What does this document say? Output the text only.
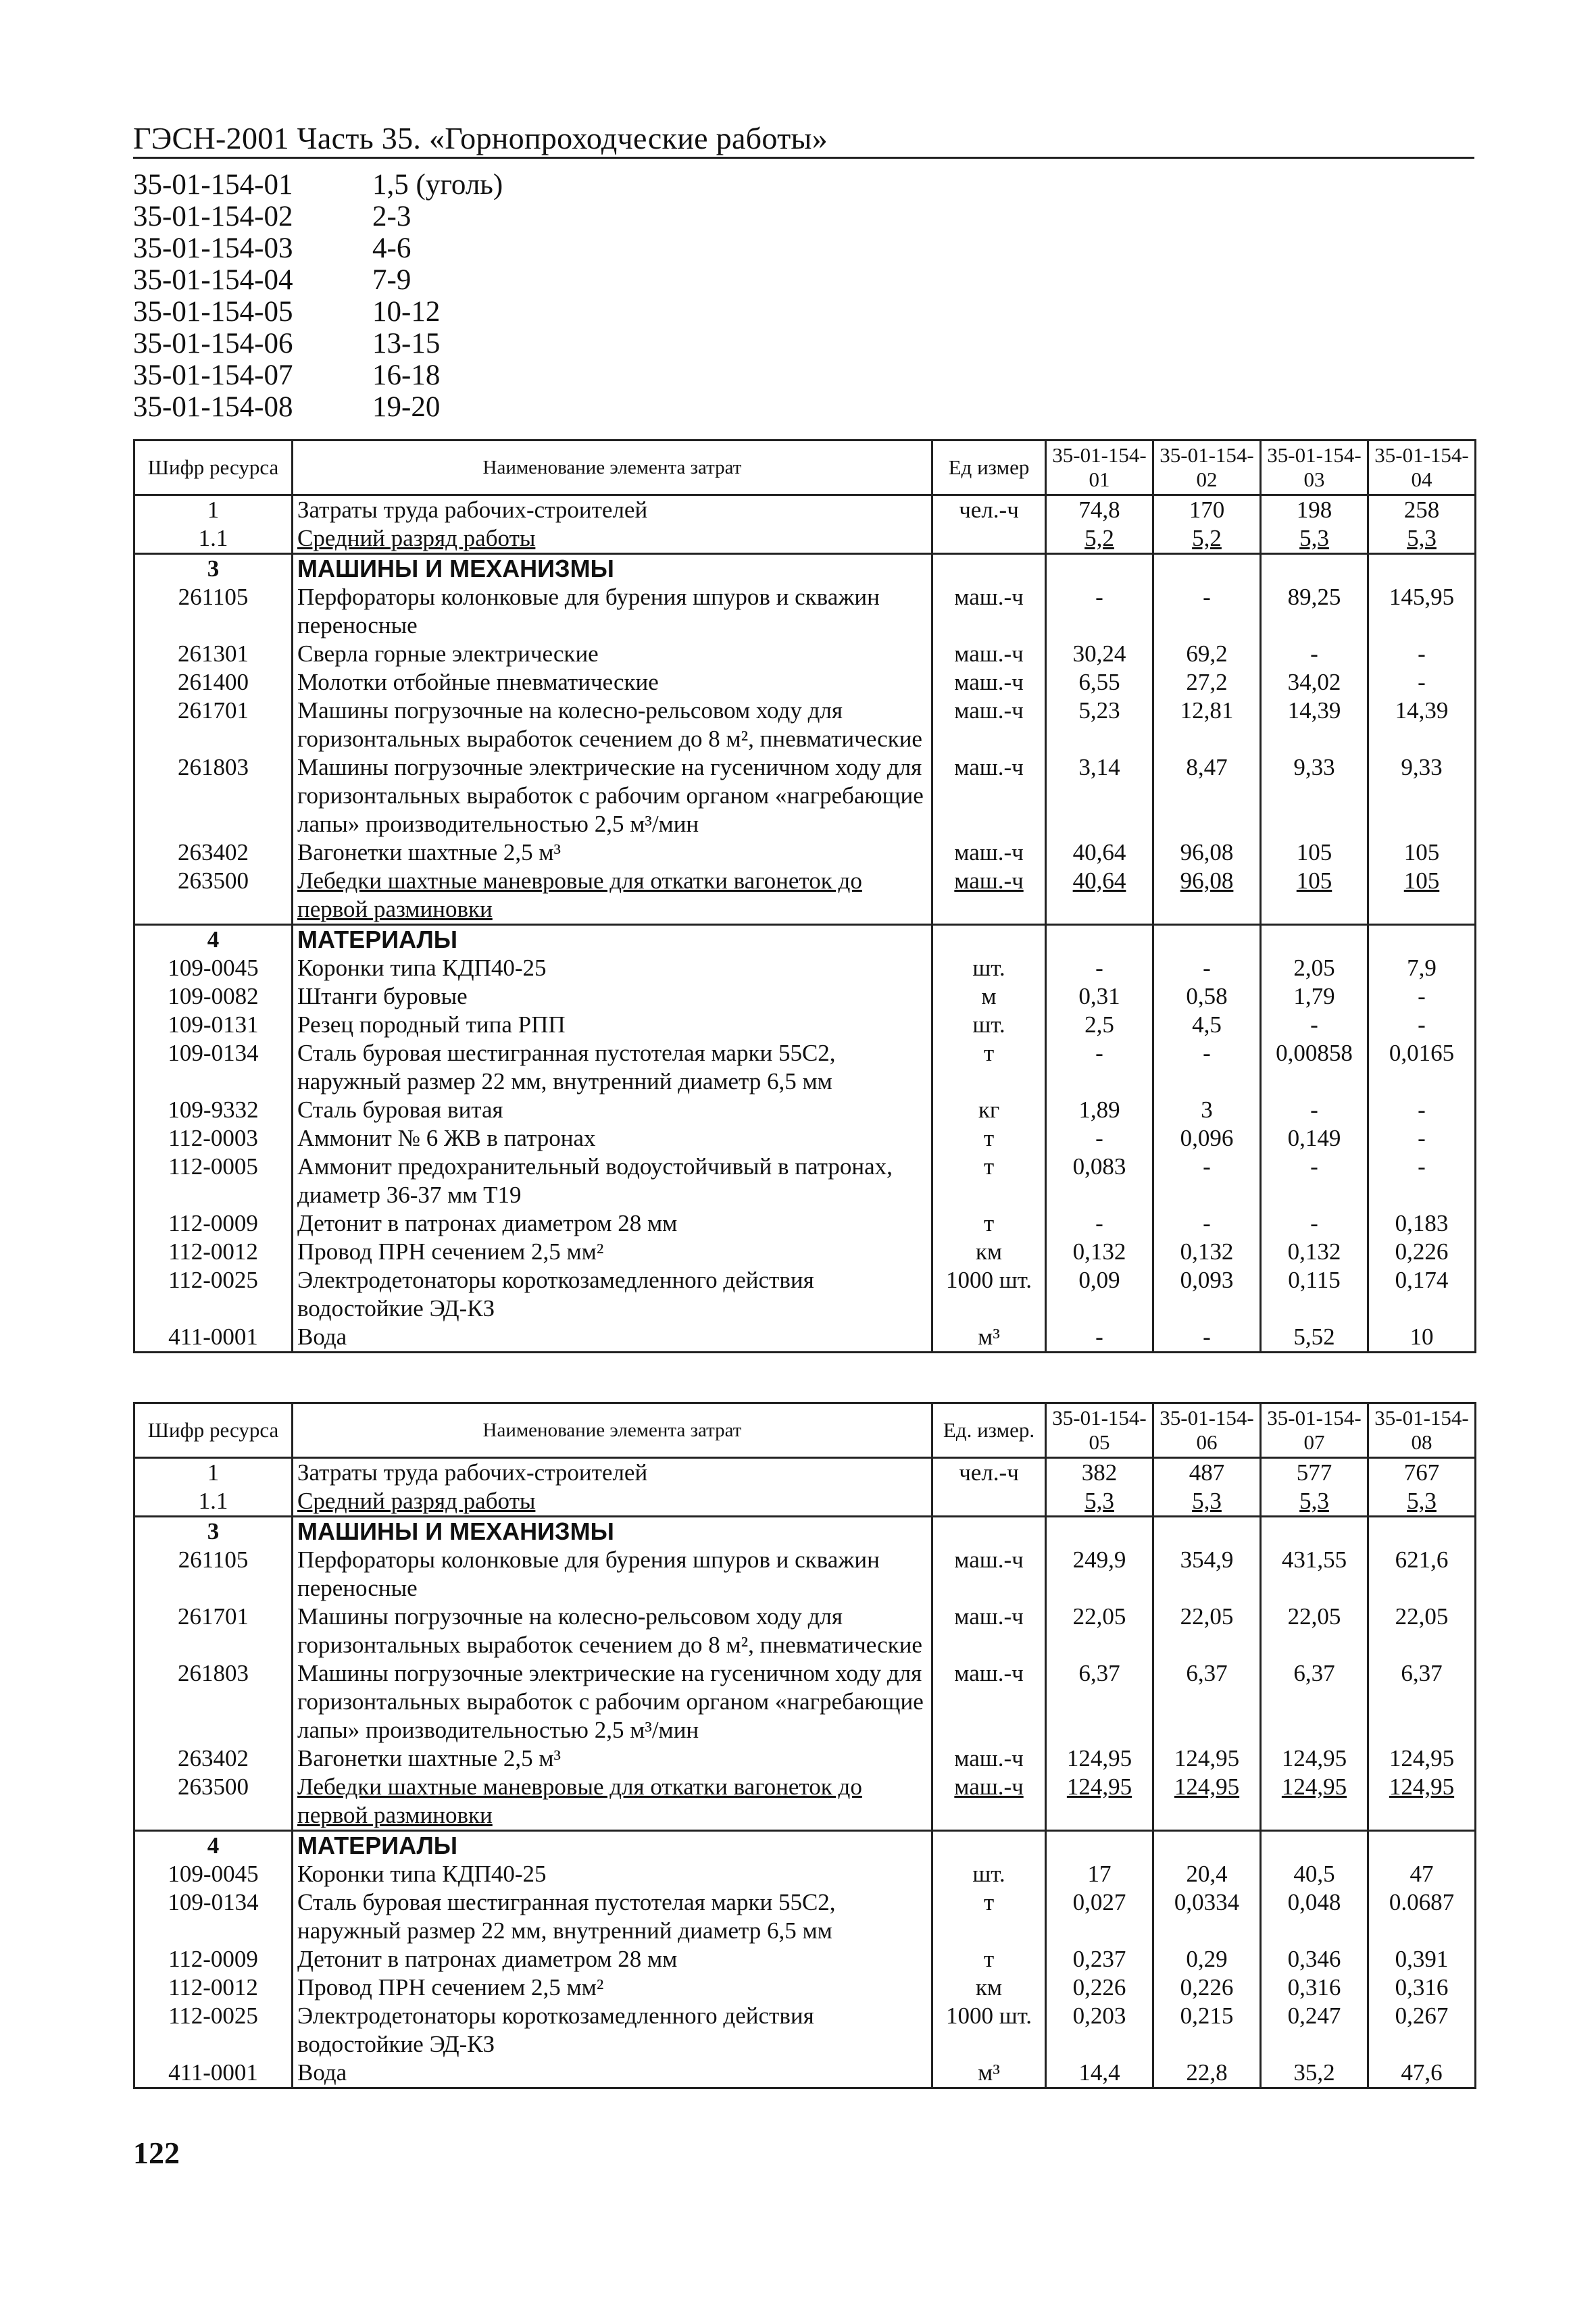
ГЭСН-2001 Часть 35. «Горнопроходческие работы»
35-01-154-01	1,5 (уголь)
35-01-154-02	2-3
35-01-154-03	4-6
35-01-154-04	7-9
35-01-154-05	10-12
35-01-154-06	13-15
35-01-154-07	16-18
35-01-154-08	19-20
Шифр ресурса	Наименование элемента затрат	Ед измер	35-01-154-01	35-01-154-02	35-01-154-03	35-01-154-04
1	Затраты труда рабочих-строителей	чел.-ч	74,8	170	198	258
1.1	Средний разряд работы		5,2	5,2	5,3	5,3
3	МАШИНЫ И МЕХАНИЗМЫ					
261105	Перфораторы колонковые для бурения шпуров и скважин переносные	маш.-ч	-	-	89,25	145,95
261301	Сверла горные электрические	маш.-ч	30,24	69,2	-	-
261400	Молотки отбойные пневматические	маш.-ч	6,55	27,2	34,02	-
261701	Машины погрузочные на колесно-рельсовом ходу для горизонтальных выработок сечением до 8 м², пневматические	маш.-ч	5,23	12,81	14,39	14,39
261803	Машины погрузочные электрические на гусеничном ходу для горизонтальных выработок с рабочим органом «нагребающие лапы» производительностью 2,5 м³/мин	маш.-ч	3,14	8,47	9,33	9,33
263402	Вагонетки шахтные 2,5 м³	маш.-ч	40,64	96,08	105	105
263500	Лебедки шахтные маневровые для откатки вагонеток до первой разминовки	маш.-ч	40,64	96,08	105	105
4	МАТЕРИАЛЫ					
109-0045	Коронки типа КДП40-25	шт.	-	-	2,05	7,9
109-0082	Штанги буровые	м	0,31	0,58	1,79	-
109-0131	Резец породный типа РПП	шт.	2,5	4,5	-	-
109-0134	Сталь буровая шестигранная пустотелая марки 55С2, наружный размер 22 мм, внутренний диаметр 6,5 мм	т	-	-	0,00858	0,0165
109-9332	Сталь буровая витая	кг	1,89	3	-	-
112-0003	Аммонит № 6 ЖВ в патронах	т	-	0,096	0,149	-
112-0005	Аммонит предохранительный водоустойчивый в патронах, диаметр 36-37 мм Т19	т	0,083	-	-	-
112-0009	Детонит в патронах диаметром 28 мм	т	-	-	-	0,183
112-0012	Провод ПРН сечением 2,5 мм²	км	0,132	0,132	0,132	0,226
112-0025	Электродетонаторы короткозамедленного действия водостойкие ЭД-КЗ	1000 шт.	0,09	0,093	0,115	0,174
411-0001	Вода	м³	-	-	5,52	10
Шифр ресурса	Наименование элемента затрат	Ед. измер.	35-01-154-05	35-01-154-06	35-01-154-07	35-01-154-08
1	Затраты труда рабочих-строителей	чел.-ч	382	487	577	767
1.1	Средний разряд работы		5,3	5,3	5,3	5,3
3	МАШИНЫ И МЕХАНИЗМЫ					
261105	Перфораторы колонковые для бурения шпуров и скважин переносные	маш.-ч	249,9	354,9	431,55	621,6
261701	Машины погрузочные на колесно-рельсовом ходу для горизонтальных выработок сечением до 8 м², пневматические	маш.-ч	22,05	22,05	22,05	22,05
261803	Машины погрузочные электрические на гусеничном ходу для горизонтальных выработок с рабочим органом «нагребающие лапы» производительностью 2,5 м³/мин	маш.-ч	6,37	6,37	6,37	6,37
263402	Вагонетки шахтные 2,5 м³	маш.-ч	124,95	124,95	124,95	124,95
263500	Лебедки шахтные маневровые для откатки вагонеток до первой разминовки	маш.-ч	124,95	124,95	124,95	124,95
4	МАТЕРИАЛЫ					
109-0045	Коронки типа КДП40-25	шт.	17	20,4	40,5	47
109-0134	Сталь буровая шестигранная пустотелая марки 55С2, наружный размер 22 мм, внутренний диаметр 6,5 мм	т	0,027	0,0334	0,048	0.0687
112-0009	Детонит в патронах диаметром 28 мм	т	0,237	0,29	0,346	0,391
112-0012	Провод ПРН сечением 2,5 мм²	км	0,226	0,226	0,316	0,316
112-0025	Электродетонаторы короткозамедленного действия водостойкие ЭД-КЗ	1000 шт.	0,203	0,215	0,247	0,267
411-0001	Вода	м³	14,4	22,8	35,2	47,6
122
